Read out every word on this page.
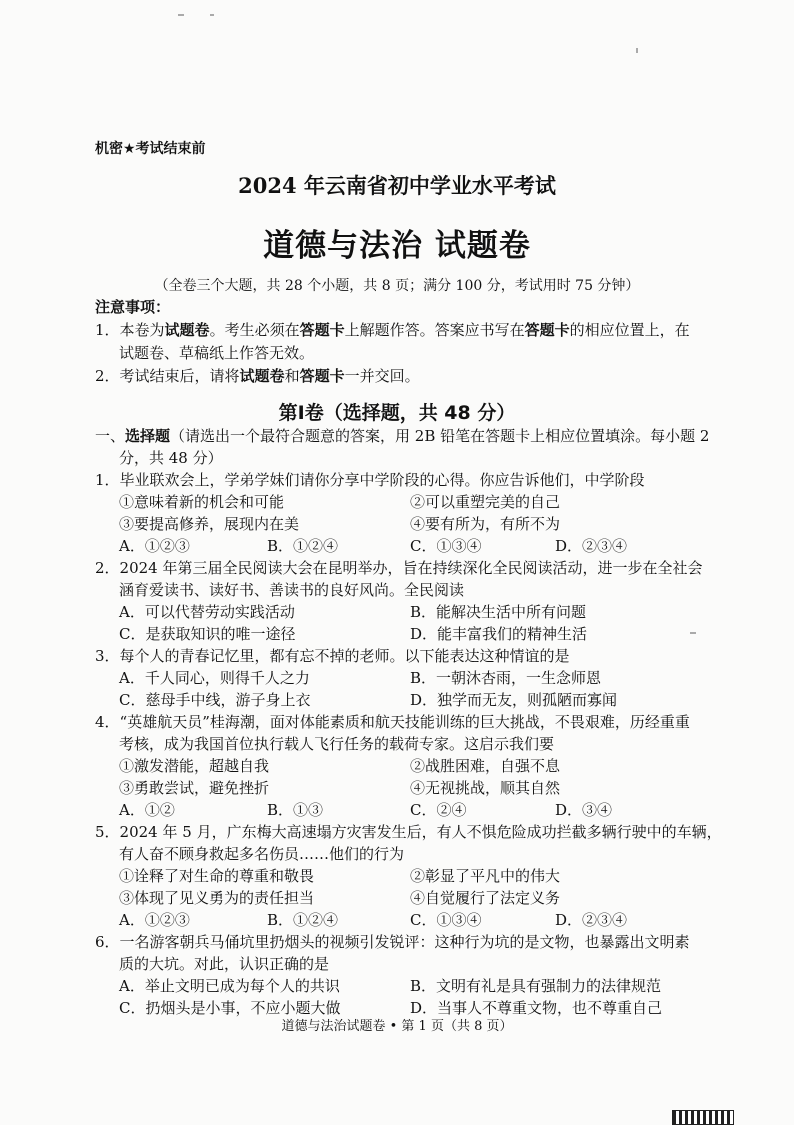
机密★考试结束前
2024 年云南省初中学业水平考试
道德与法治 试题卷
（全卷三个大题，共 28 个小题，共 8 页；满分 100 分，考试用时 75 分钟）
注意事项：
1．本卷为试题卷。考生必须在答题卡上解题作答。答案应书写在答题卡的相应位置上，在
试题卷、草稿纸上作答无效。
2．考试结束后，请将试题卷和答题卡一并交回。
第Ⅰ卷（选择题，共 48 分）
一、选择题（请选出一个最符合题意的答案，用 2B 铅笔在答题卡上相应位置填涂。每小题 2
分，共 48 分）
1．毕业联欢会上，学弟学妹们请你分享中学阶段的心得。你应告诉他们，中学阶段
①意味着新的机会和可能	②可以重塑完美的自己
③要提高修养，展现内在美	④要有所为，有所不为
A．①②③	B．①②④	C．①③④	D．②③④
2．2024 年第三届全民阅读大会在昆明举办，旨在持续深化全民阅读活动，进一步在全社会
涵育爱读书、读好书、善读书的良好风尚。全民阅读
A．可以代替劳动实践活动	B．能解决生活中所有问题
C．是获取知识的唯一途径	D．能丰富我们的精神生活
3．每个人的青春记忆里，都有忘不掉的老师。以下能表达这种情谊的是
A．千人同心，则得千人之力	B．一朝沐杏雨，一生念师恩
C．慈母手中线，游子身上衣	D．独学而无友，则孤陋而寡闻
4．“英雄航天员”桂海潮，面对体能素质和航天技能训练的巨大挑战，不畏艰难，历经重重
考核，成为我国首位执行载人飞行任务的载荷专家。这启示我们要
①激发潜能，超越自我	②战胜困难，自强不息
③勇敢尝试，避免挫折	④无视挑战，顺其自然
A．①②	B．①③	C．②④	D．③④
5．2024 年 5 月，广东梅大高速塌方灾害发生后，有人不惧危险成功拦截多辆行驶中的车辆，
有人奋不顾身救起多名伤员……他们的行为
①诠释了对生命的尊重和敬畏	②彰显了平凡中的伟大
③体现了见义勇为的责任担当	④自觉履行了法定义务
A．①②③	B．①②④	C．①③④	D．②③④
6．一名游客朝兵马俑坑里扔烟头的视频引发锐评：这种行为坑的是文物，也暴露出文明素
质的大坑。对此，认识正确的是
A．举止文明已成为每个人的共识	B．文明有礼是具有强制力的法律规范
C．扔烟头是小事，不应小题大做	D．当事人不尊重文物，也不尊重自己
道德与法治试题卷 • 第 1 页（共 8 页）
